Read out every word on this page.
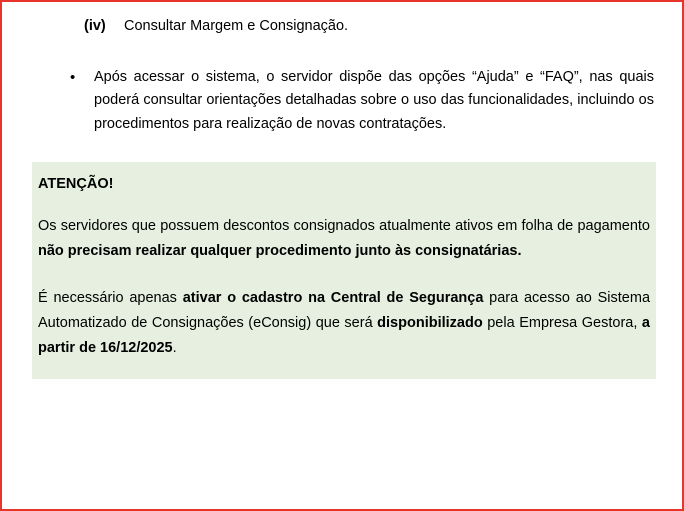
(iv)	Consultar Margem e Consignação.
•	Após acessar o sistema, o servidor dispõe das opções “Ajuda” e “FAQ”, nas quais poderá consultar orientações detalhadas sobre o uso das funcionalidades, incluindo os procedimentos para realização de novas contratações.
ATENÇÃO!

Os servidores que possuem descontos consignados atualmente ativos em folha de pagamento não precisam realizar qualquer procedimento junto às consignatárias.

É necessário apenas ativar o cadastro na Central de Segurança para acesso ao Sistema Automatizado de Consignações (eConsig) que será disponibilizado pela Empresa Gestora, a partir de 16/12/2025.
